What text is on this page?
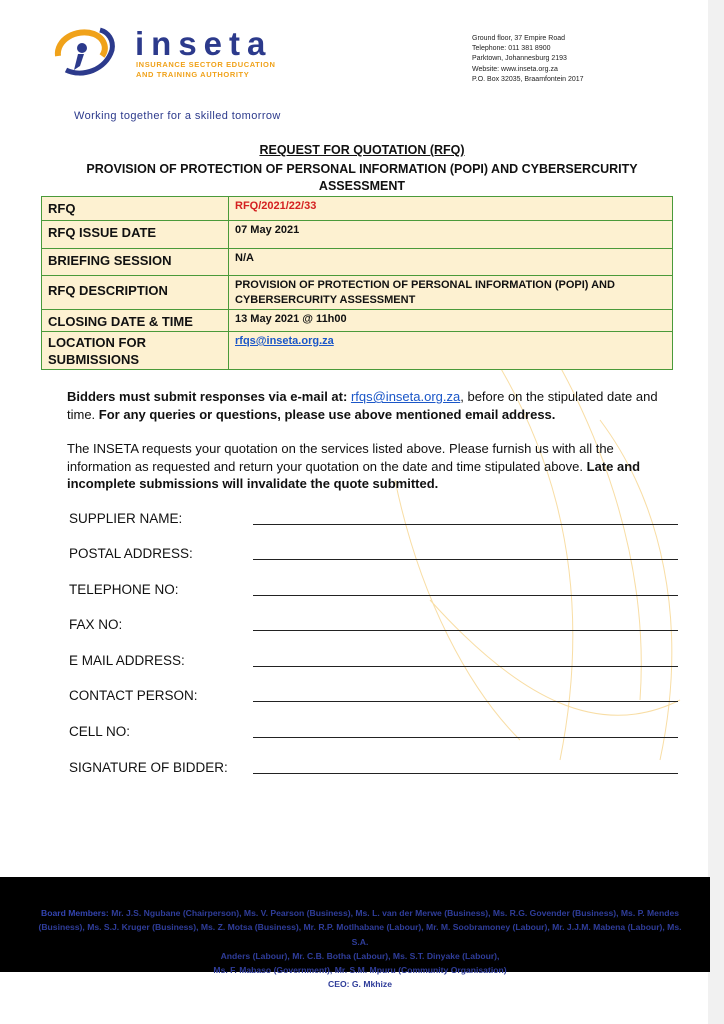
inseta
INSURANCE SECTOR EDUCATION
AND TRAINING AUTHORITY
Ground floor, 37 Empire Road
Telephone: 011 381 8900
Parktown, Johannesburg 2193
Website: www.inseta.org.za
P.O. Box 32035, Braamfontein 2017
Working together for a skilled tomorrow
REQUEST FOR QUOTATION (RFQ)
PROVISION OF PROTECTION OF PERSONAL INFORMATION (POPI) AND CYBERSERCURITY ASSESSMENT
RFQ	RFQ/2021/22/33
RFQ ISSUE DATE	07 May 2021
BRIEFING SESSION	N/A
RFQ DESCRIPTION	PROVISION OF PROTECTION OF PERSONAL INFORMATION (POPI) AND CYBERSERCURITY ASSESSMENT
CLOSING DATE & TIME	13 May 2021 @ 11h00
LOCATION FOR SUBMISSIONS	rfqs@inseta.org.za
Bidders must submit responses via e-mail at: rfqs@inseta.org.za, before on the stipulated date and time. For any queries or questions, please use above mentioned email address.
The INSETA requests your quotation on the services listed above. Please furnish us with all the information as requested and return your quotation on the date and time stipulated above. Late and incomplete submissions will invalidate the quote submitted.
SUPPLIER NAME:
POSTAL ADDRESS:
TELEPHONE NO:
FAX NO:
E MAIL ADDRESS:
CONTACT PERSON:
CELL NO:
SIGNATURE OF BIDDER:
Board Members: Mr. J.S. Ngubane (Chairperson), Ms. V. Pearson (Business), Ms. L. van der Merwe (Business), Ms. R.G. Govender (Business), Ms. P. Mendes
(Business), Ms. S.J. Kruger (Business), Ms. Z. Motsa (Business), Mr. R.P. Motlhabane (Labour), Mr. M. Soobramoney (Labour), Mr. J.J.M. Mabena (Labour), Ms. S.A.
Anders (Labour), Mr. C.B. Botha (Labour), Ms. S.T. Dinyake (Labour),
Ms. F. Mabaso (Government), Mr. S.M. Mpuru (Community Organisation)
CEO: G. Mkhize
